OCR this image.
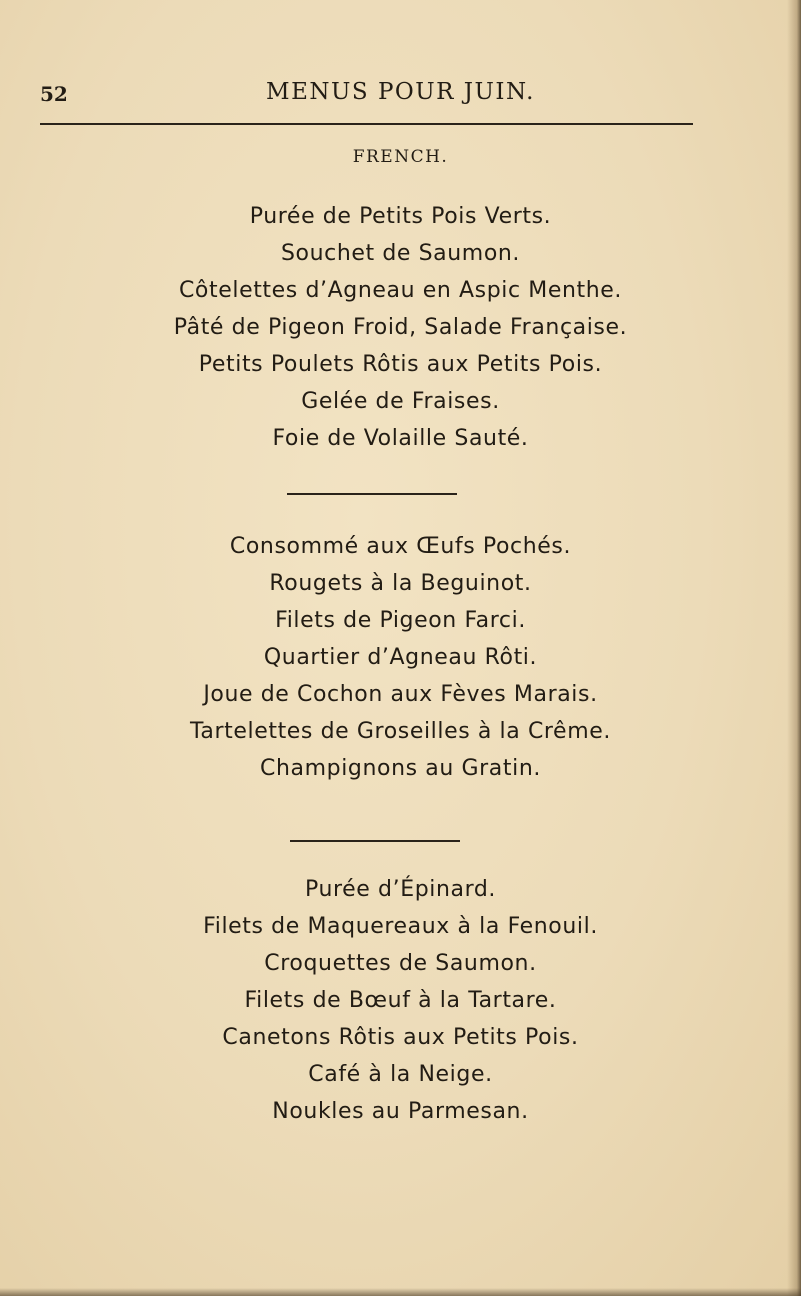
52	MENUS POUR JUIN.
FRENCH.
Purée de Petits Pois Verts.
Souchet de Saumon.
Côtelettes d’Agneau en Aspic Menthe.
Pâté de Pigeon Froid, Salade Française.
Petits Poulets Rôtis aux Petits Pois.
Gelée de Fraises.
Foie de Volaille Sauté.
Consommé aux Œufs Pochés.
Rougets à la Beguinot.
Filets de Pigeon Farci.
Quartier d’Agneau Rôti.
Joue de Cochon aux Fèves Marais.
Tartelettes de Groseilles à la Crême.
Champignons au Gratin.
Purée d’Épinard.
Filets de Maquereaux à la Fenouil.
Croquettes de Saumon.
Filets de Bœuf à la Tartare.
Canetons Rôtis aux Petits Pois.
Café à la Neige.
Noukles au Parmesan.
